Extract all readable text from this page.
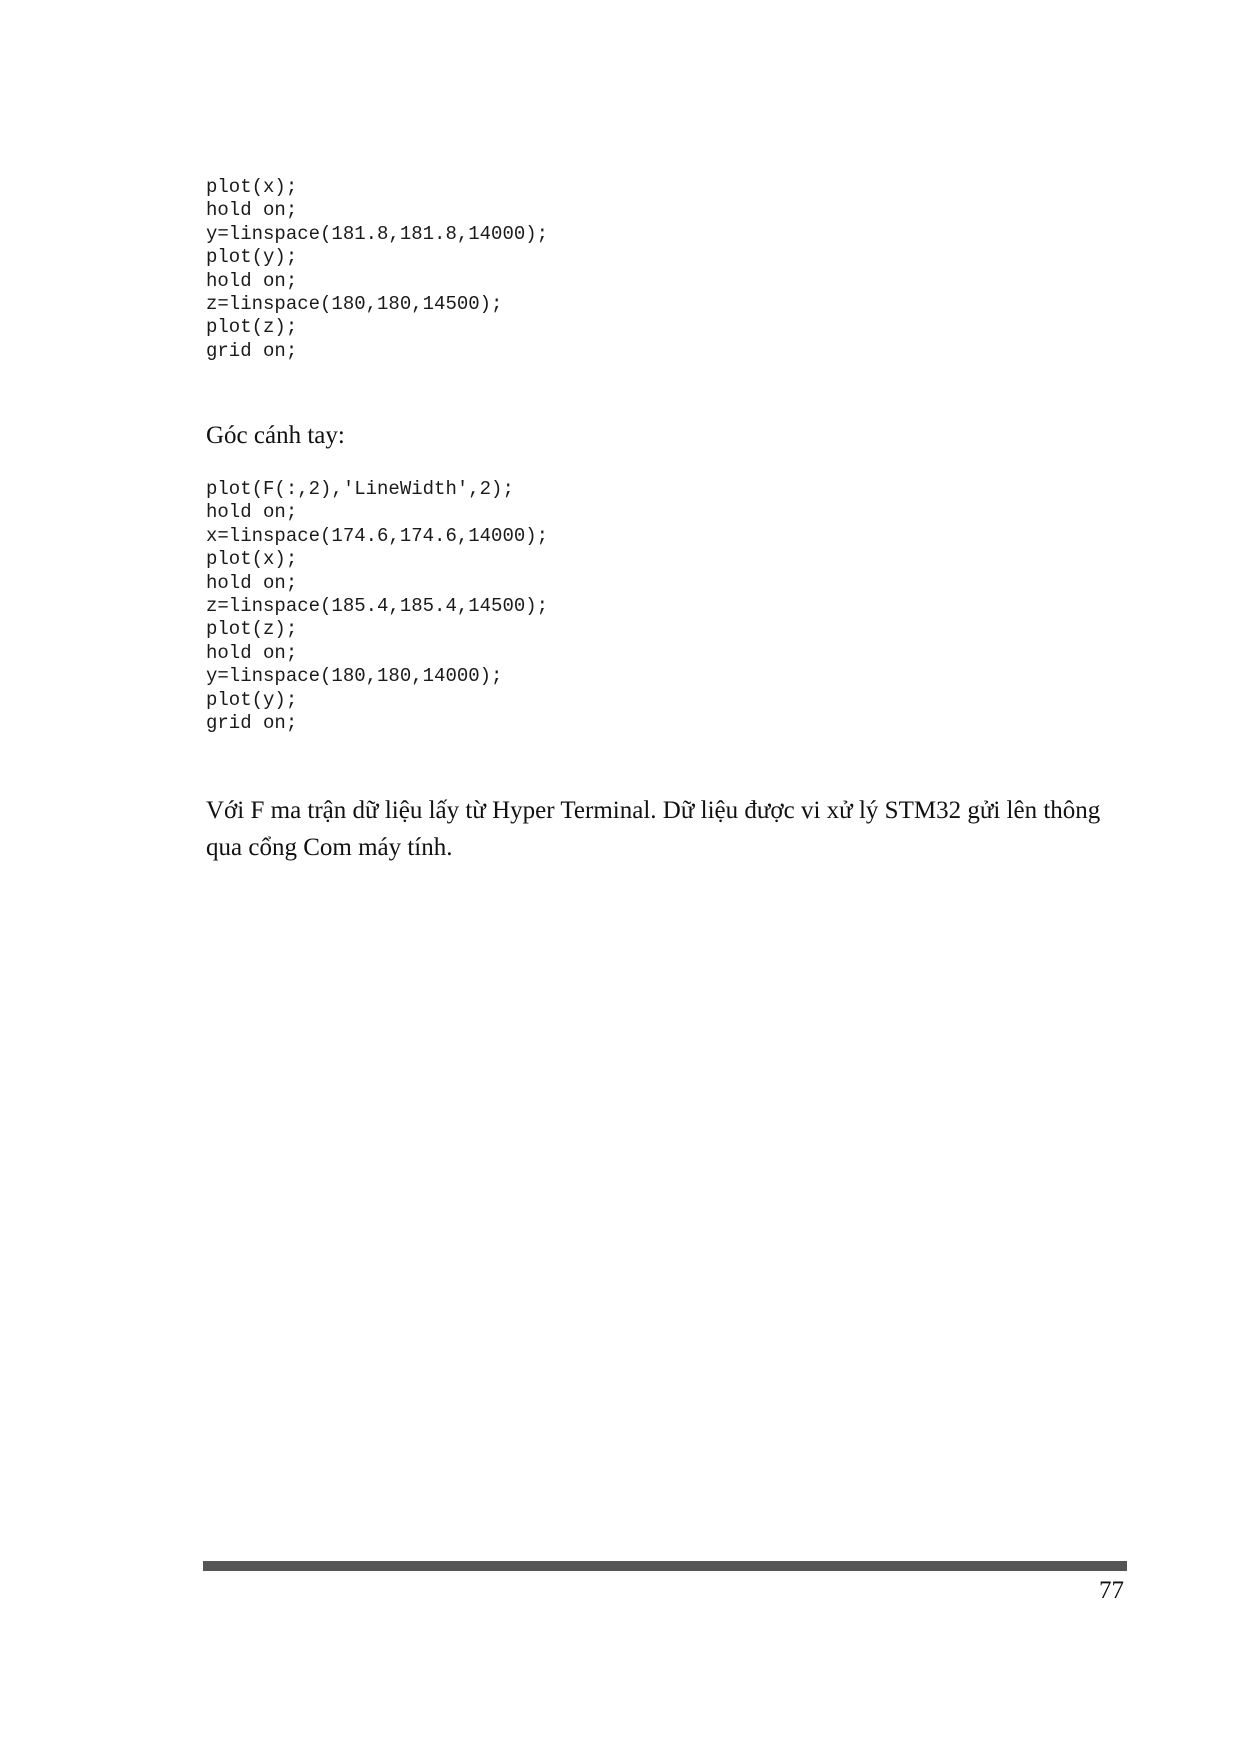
plot(x);
hold on;
y=linspace(181.8,181.8,14000);
plot(y);
hold on;
z=linspace(180,180,14500);
plot(z);
grid on;
Góc cánh tay:
plot(F(:,2),'LineWidth',2);
hold on;
x=linspace(174.6,174.6,14000);
plot(x);
hold on;
z=linspace(185.4,185.4,14500);
plot(z);
hold on;
y=linspace(180,180,14000);
plot(y);
grid on;
Với F ma trận dữ liệu lấy từ Hyper Terminal. Dữ liệu được vi xử lý STM32 gửi lên thông qua cổng Com máy tính.
77
